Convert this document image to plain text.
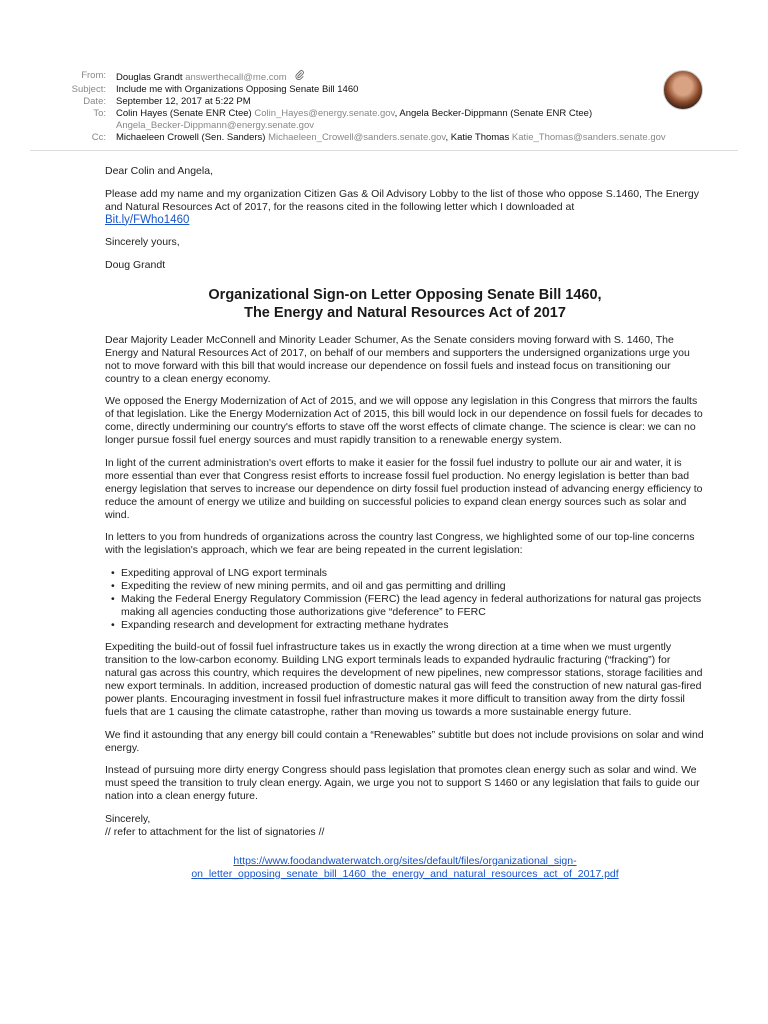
From:	Douglas Grandt answerthecall@me.com
Subject:	Include me with Organizations Opposing Senate Bill 1460
Date:	September 12, 2017 at 5:22 PM
To:	Colin Hayes (Senate ENR Ctee) Colin_Hayes@energy.senate.gov, Angela Becker-Dippmann (Senate ENR Ctee)
Angela_Becker-Dippmann@energy.senate.gov
Cc:	Michaeleen Crowell (Sen. Sanders) Michaeleen_Crowell@sanders.senate.gov, Katie Thomas Katie_Thomas@sanders.senate.gov

Dear Colin and Angela,

Please add my name and my organization Citizen Gas & Oil Advisory Lobby to the list of those who oppose S.1460, The Energy and Natural Resources Act of 2017, for the reasons cited in the following letter which I downloaded at
Bit.ly/FWho1460

Sincerely yours,

Doug Grandt

Organizational Sign-on Letter Opposing Senate Bill 1460,
The Energy and Natural Resources Act of 2017

Dear Majority Leader McConnell and Minority Leader Schumer, As the Senate considers moving forward with S. 1460, The Energy and Natural Resources Act of 2017, on behalf of our members and supporters the undersigned organizations urge you not to move forward with this bill that would increase our dependence on fossil fuels and instead focus on transitioning our country to a clean energy economy.

We opposed the Energy Modernization of Act of 2015, and we will oppose any legislation in this Congress that mirrors the faults of that legislation. Like the Energy Modernization Act of 2015, this bill would lock in our dependence on fossil fuels for decades to come, directly undermining our country's efforts to stave off the worst effects of climate change. The science is clear: we can no longer pursue fossil fuel energy sources and must rapidly transition to a renewable energy system.

In light of the current administration's overt efforts to make it easier for the fossil fuel industry to pollute our air and water, it is more essential than ever that Congress resist efforts to increase fossil fuel production. No energy legislation is better than bad energy legislation that serves to increase our dependence on dirty fossil fuel production instead of advancing energy efficiency to reduce the amount of energy we utilize and building on successful policies to expand clean energy sources such as solar and wind.

In letters to you from hundreds of organizations across the country last Congress, we highlighted some of our top-line concerns with the legislation's approach, which we fear are being repeated in the current legislation:

• Expediting approval of LNG export terminals
• Expediting the review of new mining permits, and oil and gas permitting and drilling
• Making the Federal Energy Regulatory Commission (FERC) the lead agency in federal authorizations for natural gas projects making all agencies conducting those authorizations give “deference” to FERC
• Expanding research and development for extracting methane hydrates

Expediting the build-out of fossil fuel infrastructure takes us in exactly the wrong direction at a time when we must urgently transition to the low-carbon economy. Building LNG export terminals leads to expanded hydraulic fracturing (“fracking”) for natural gas across this country, which requires the development of new pipelines, new compressor stations, storage facilities and new export terminals. In addition, increased production of domestic natural gas will feed the construction of new natural gas-fired power plants. Encouraging investment in fossil fuel infrastructure makes it more difficult to transition away from the dirty fossil fuels that are 1 causing the climate catastrophe, rather than moving us towards a more sustainable energy future.

We find it astounding that any energy bill could contain a “Renewables” subtitle but does not include provisions on solar and wind energy.

Instead of pursuing more dirty energy Congress should pass legislation that promotes clean energy such as solar and wind. We must speed the transition to truly clean energy. Again, we urge you not to support S 1460 or any legislation that fails to guide our nation into a clean energy future.

Sincerely,
// refer to attachment for the list of signatories //

https://www.foodandwaterwatch.org/sites/default/files/organizational_sign-
on_letter_opposing_senate_bill_1460_the_energy_and_natural_resources_act_of_2017.pdf
